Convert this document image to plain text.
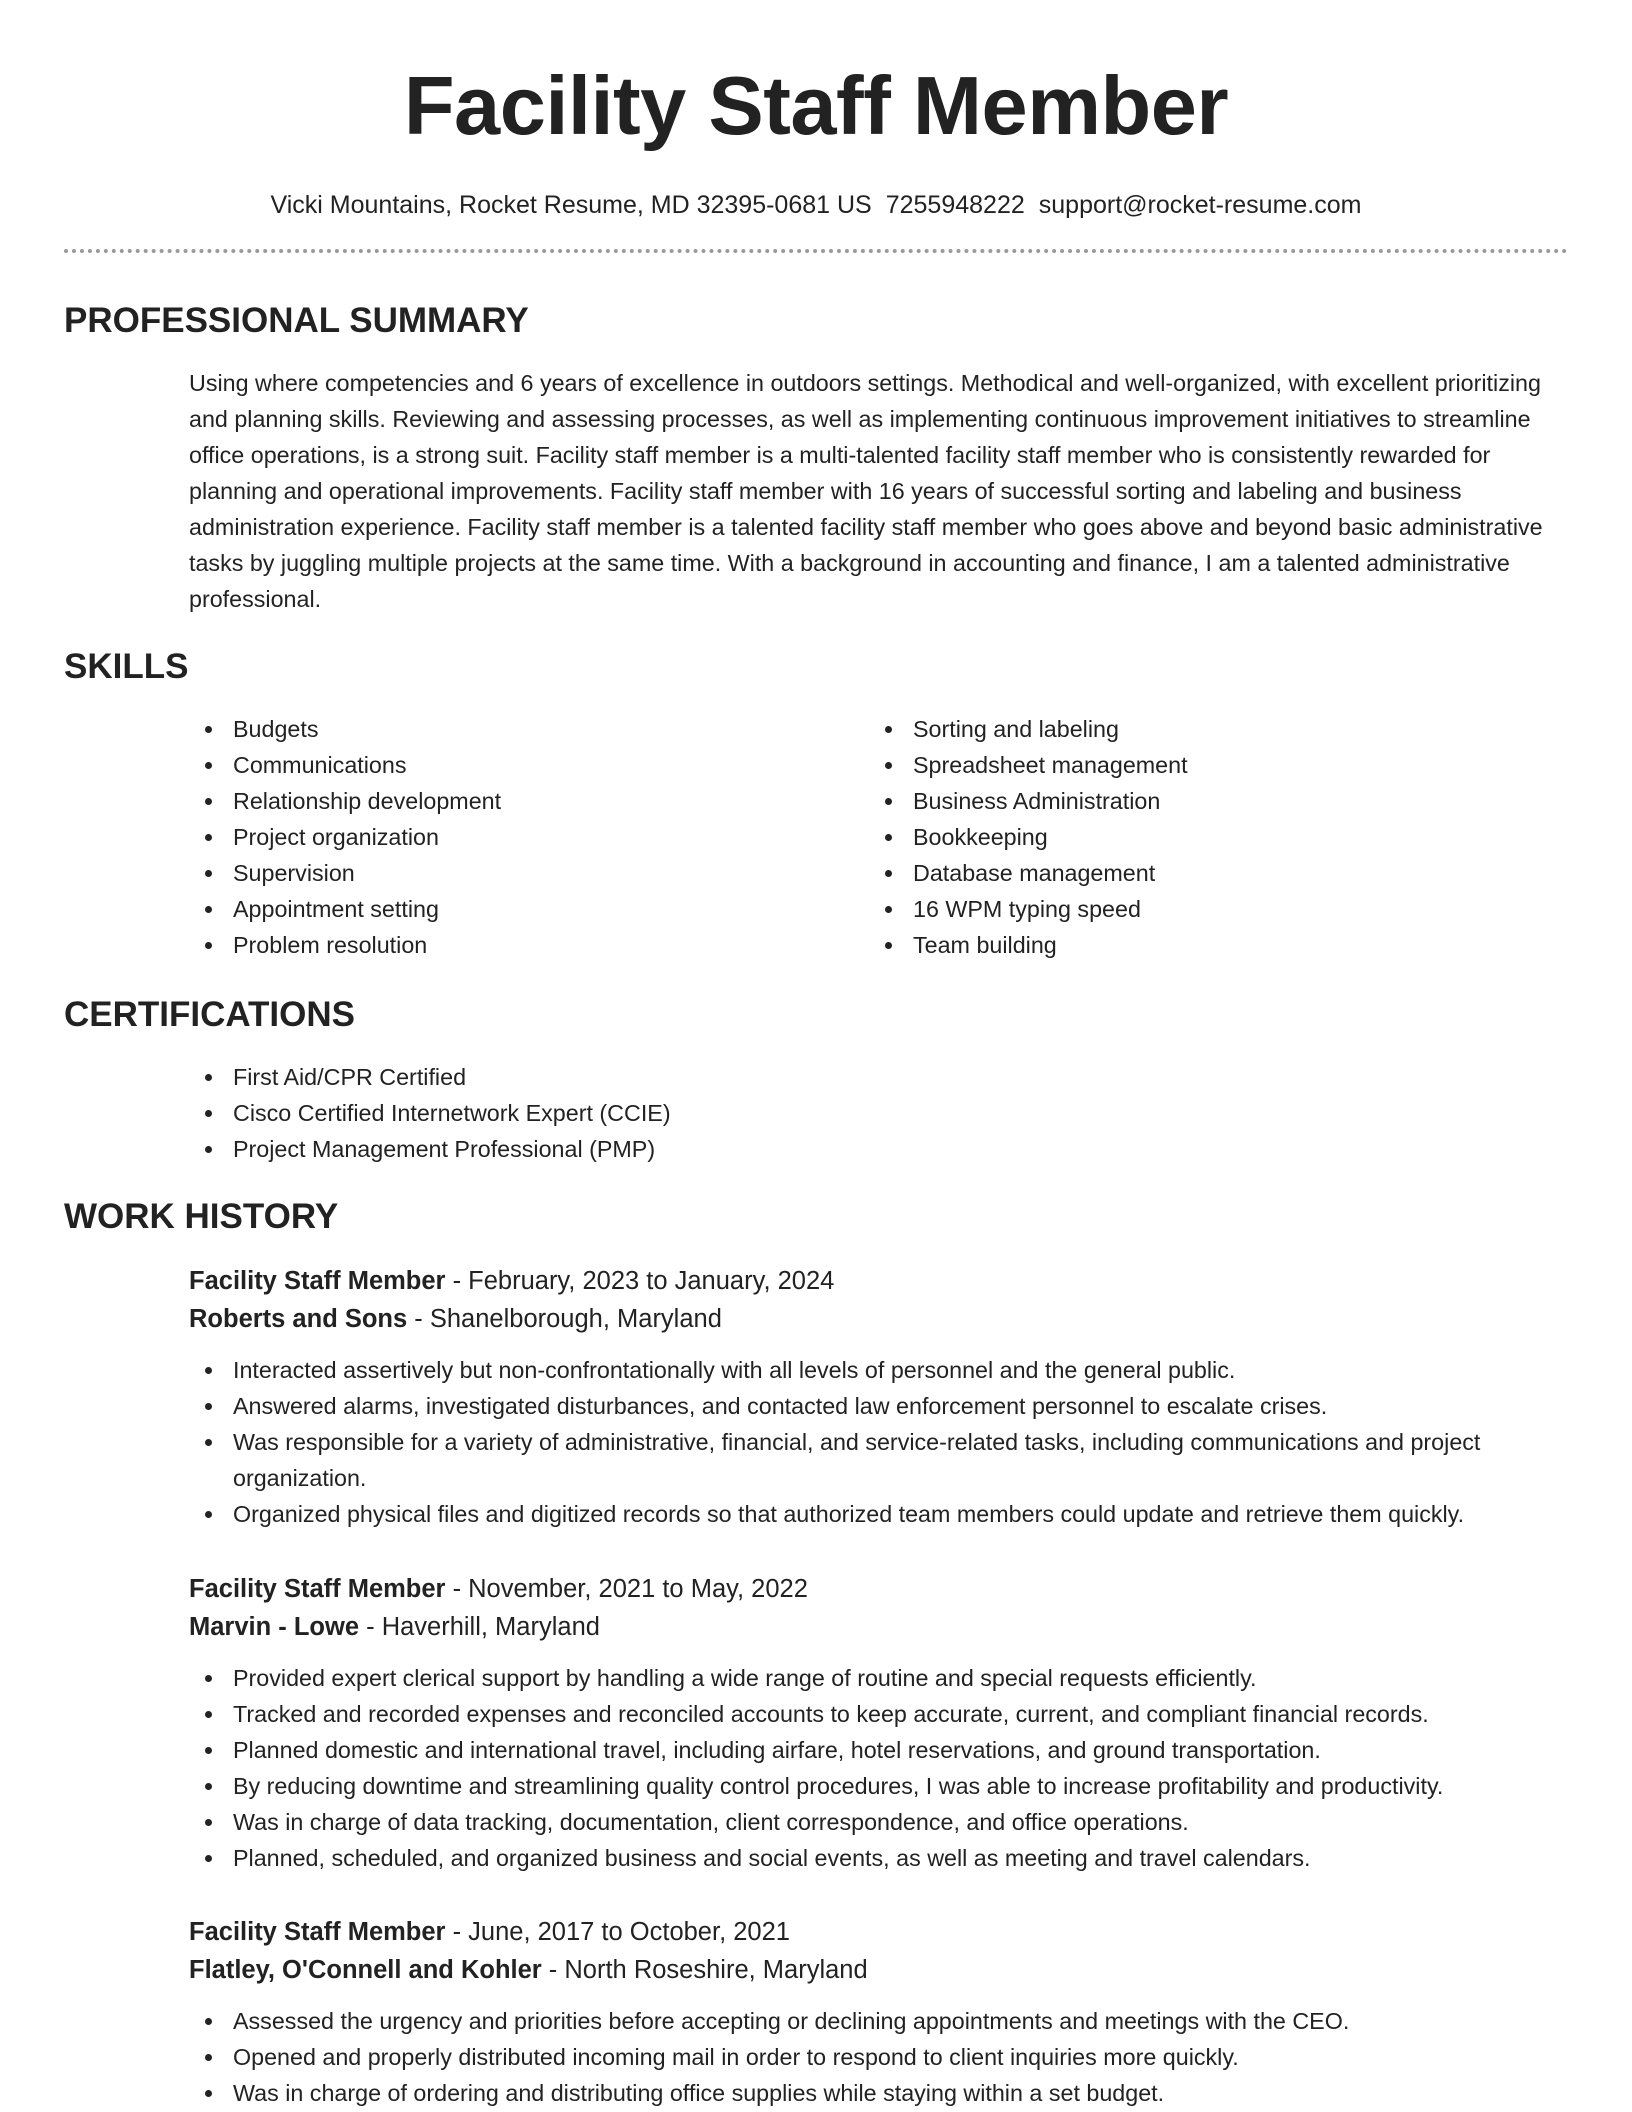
Facility Staff Member
Vicki Mountains, Rocket Resume, MD 32395-0681 US 7255948222 support@rocket-resume.com
PROFESSIONAL SUMMARY

Using where competencies and 6 years of excellence in outdoors settings. Methodical and well-organized, with excellent prioritizing and planning skills. Reviewing and assessing processes, as well as implementing continuous improvement initiatives to streamline office operations, is a strong suit. Facility staff member is a multi-talented facility staff member who is consistently rewarded for planning and operational improvements. Facility staff member with 16 years of successful sorting and labeling and business administration experience. Facility staff member is a talented facility staff member who goes above and beyond basic administrative tasks by juggling multiple projects at the same time. With a background in accounting and finance, I am a talented administrative professional.

SKILLS
Budgets
Communications
Relationship development
Project organization
Supervision
Appointment setting
Problem resolution
Sorting and labeling
Spreadsheet management
Business Administration
Bookkeeping
Database management
16 WPM typing speed
Team building
CERTIFICATIONS
First Aid/CPR Certified
Cisco Certified Internetwork Expert (CCIE)
Project Management Professional (PMP)
WORK HISTORY
Facility Staff Member - February, 2023 to January, 2024
Roberts and Sons - Shanelborough, Maryland
Interacted assertively but non-confrontationally with all levels of personnel and the general public.
Answered alarms, investigated disturbances, and contacted law enforcement personnel to escalate crises.
Was responsible for a variety of administrative, financial, and service-related tasks, including communications and project organization.
Organized physical files and digitized records so that authorized team members could update and retrieve them quickly.
Facility Staff Member - November, 2021 to May, 2022
Marvin - Lowe - Haverhill, Maryland
Provided expert clerical support by handling a wide range of routine and special requests efficiently.
Tracked and recorded expenses and reconciled accounts to keep accurate, current, and compliant financial records.
Planned domestic and international travel, including airfare, hotel reservations, and ground transportation.
By reducing downtime and streamlining quality control procedures, I was able to increase profitability and productivity.
Was in charge of data tracking, documentation, client correspondence, and office operations.
Planned, scheduled, and organized business and social events, as well as meeting and travel calendars.
Facility Staff Member - June, 2017 to October, 2021
Flatley, O'Connell and Kohler - North Roseshire, Maryland
Assessed the urgency and priorities before accepting or declining appointments and meetings with the CEO.
Opened and properly distributed incoming mail in order to respond to client inquiries more quickly.
Was in charge of ordering and distributing office supplies while staying within a set budget.
